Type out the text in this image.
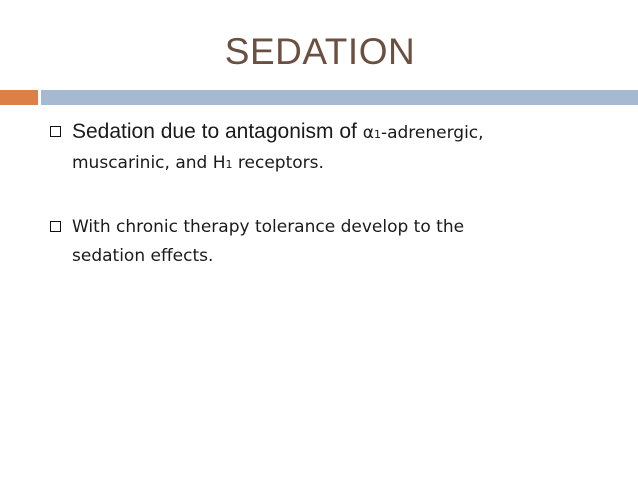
SEDATION
Sedation due to antagonism of α1-adrenergic,
muscarinic, and H1 receptors.
With chronic therapy tolerance develop to the
sedation effects.
